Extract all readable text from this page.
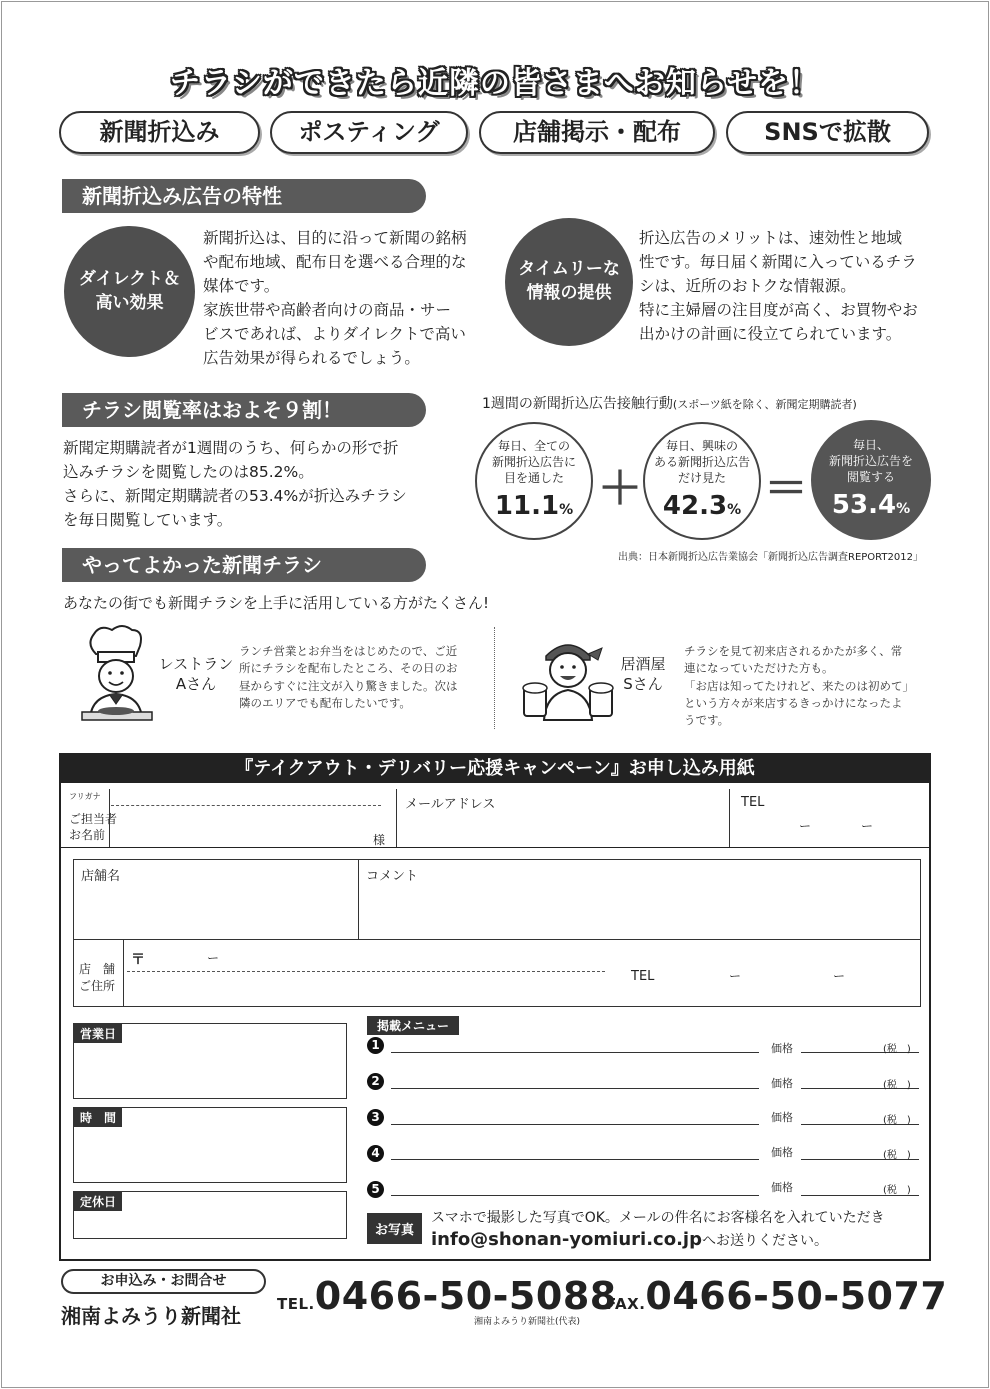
チラシができたら近隣の皆さまへお知らせを！
新聞折込み	ポスティング	店舗掲示・配布	SNSで拡散
新聞折込み広告の特性
ダイレクト＆
高い効果
新聞折込は、目的に沿って新聞の銘柄
や配布地域、配布日を選べる合理的な
媒体です。
家族世帯や高齢者向けの商品・サー
ビスであれば、よりダイレクトで高い
広告効果が得られるでしょう。
タイムリーな
情報の提供
折込広告のメリットは、速効性と地域
性です。毎日届く新聞に入っているチラ
シは、近所のおトクな情報源。
特に主婦層の注目度が高く、お買物やお
出かけの計画に役立てられています。
チラシ閲覧率はおよそ９割！
新聞定期購読者が1週間のうち、何らかの形で折
込みチラシを閲覧したのは85.2%。
さらに、新聞定期購読者の53.4%が折込みチラシ
を毎日閲覧しています。
1週間の新聞折込広告接触行動(スポーツ紙を除く、新聞定期購読者)
毎日、全ての
新聞折込広告に
目を通した
11.1% ＋
毎日、興味の
ある新聞折込広告
だけ見た
42.3% ＝
毎日、
新聞折込広告を
閲覧する
53.4%
出典：日本新聞折込広告業協会「新聞折込広告調査REPORT2012」
やってよかった新聞チラシ
あなたの街でも新聞チラシを上手に活用している方がたくさん!
レストラン
Aさん
ランチ営業とお弁当をはじめたので、ご近
所にチラシを配布したところ、その日のお
昼からすぐに注文が入り驚きました。次は
隣のエリアでも配布したいです。
居酒屋
Sさん
チラシを見て初来店されるかたが多く、常
連になっていただけた方も。
「お店は知ってたけれど、来たのは初めて」
という方々が来店するきっかけになったよ
うです。
『テイクアウト・デリバリー応援キャンペーン』お申し込み用紙
フリガナ
ご担当者
お名前	様
メールアドレス	TEL
ー	ー
店舗名	コメント
店　舗
ご住所
〒	ー
TEL	ー	ー
営業日
時　間
定休日
掲載メニュー
1	価格	(税　)
2	価格	(税　)
3	価格	(税　)
4	価格	(税　)
5	価格	(税　)
お写真
スマホで撮影した写真でOK。メールの件名にお客様名を入れていただき
info@shonan-yomiuri.co.jpへお送りください。
お申込み・お問合せ
湘南よみうり新聞社 TEL.0466-50-5088
湘南よみうり新聞社(代表)
FAX.0466-50-5077
